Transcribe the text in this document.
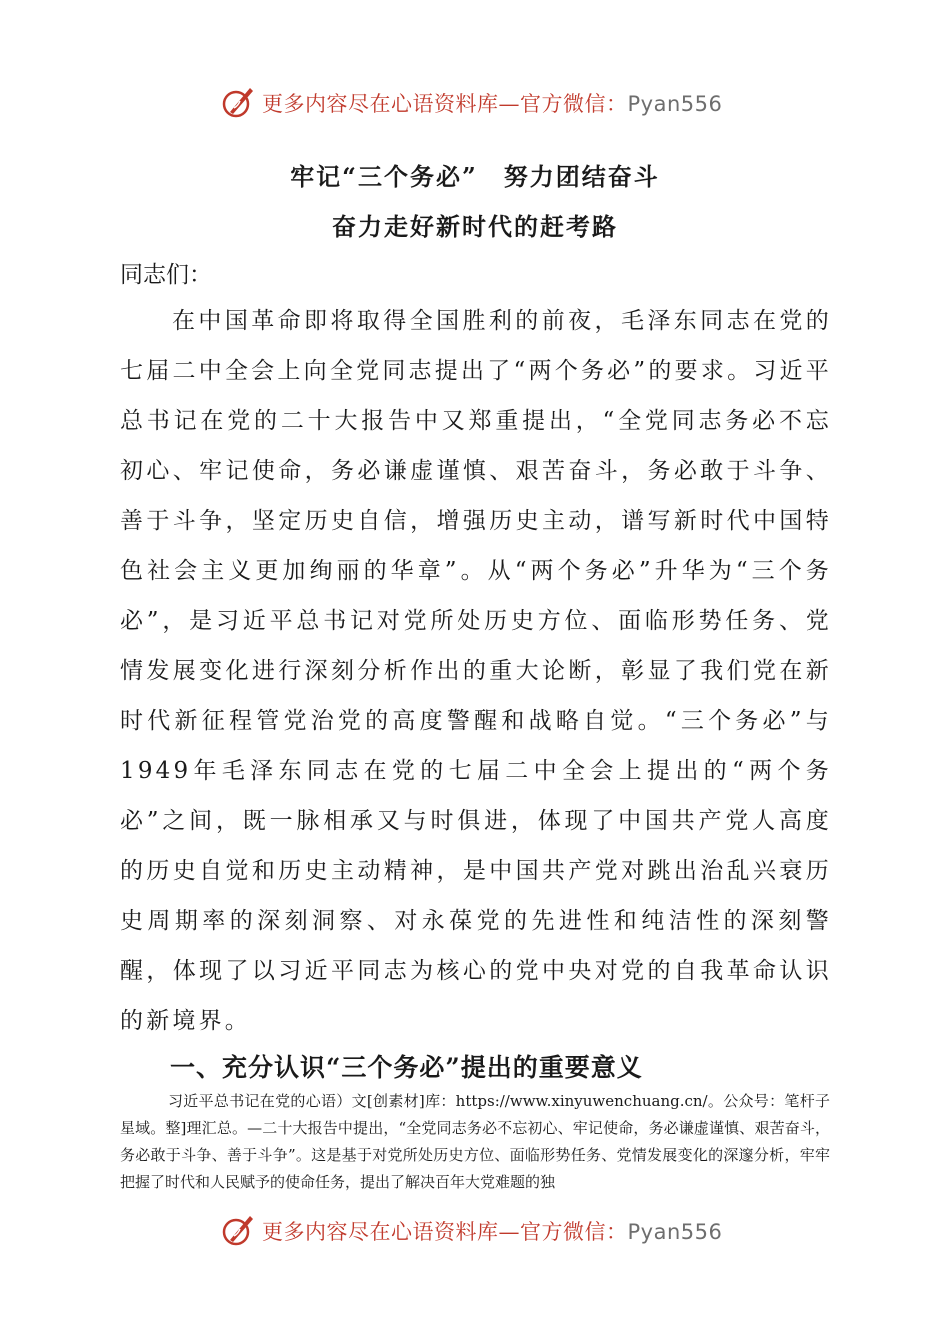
更多内容尽在心语资料库—官方微信：Pyan556
牢记“三个务必”　努力团结奋斗
奋力走好新时代的赶考路
同志们：

在中国革命即将取得全国胜利的前夜，毛泽东同志在党的七届二中全会上向全党同志提出了“两个务必”的要求。习近平总书记在党的二十大报告中又郑重提出，“全党同志务必不忘初心、牢记使命，务必谦虚谨慎、艰苦奋斗，务必敢于斗争、善于斗争，坚定历史自信，增强历史主动，谱写新时代中国特色社会主义更加绚丽的华章”。从“两个务必”升华为“三个务必”，是习近平总书记对党所处历史方位、面临形势任务、党情发展变化进行深刻分析作出的重大论断，彰显了我们党在新时代新征程管党治党的高度警醒和战略自觉。“三个务必”与1949年毛泽东同志在党的七届二中全会上提出的“两个务必”之间，既一脉相承又与时俱进，体现了中国共产党人高度的历史自觉和历史主动精神，是中国共产党对跳出治乱兴衰历史周期率的深刻洞察、对永葆党的先进性和纯洁性的深刻警醒，体现了以习近平同志为核心的党中央对党的自我革命认识的新境界。

一、充分认识“三个务必”提出的重要意义

习近平总书记在党的心语）文[创素材]库：https://www.xinyuwenchuang.cn/。公众号：笔杆子星域。整]理汇总。—二十大报告中提出，“全党同志务必不忘初心、牢记使命，务必谦虚谨慎、艰苦奋斗，务必敢于斗争、善于斗争”。这是基于对党所处历史方位、面临形势任务、党情发展变化的深邃分析，牢牢把握了时代和人民赋予的使命任务，提出了解决百年大党难题的独

更多内容尽在心语资料库—官方微信：Pyan556
